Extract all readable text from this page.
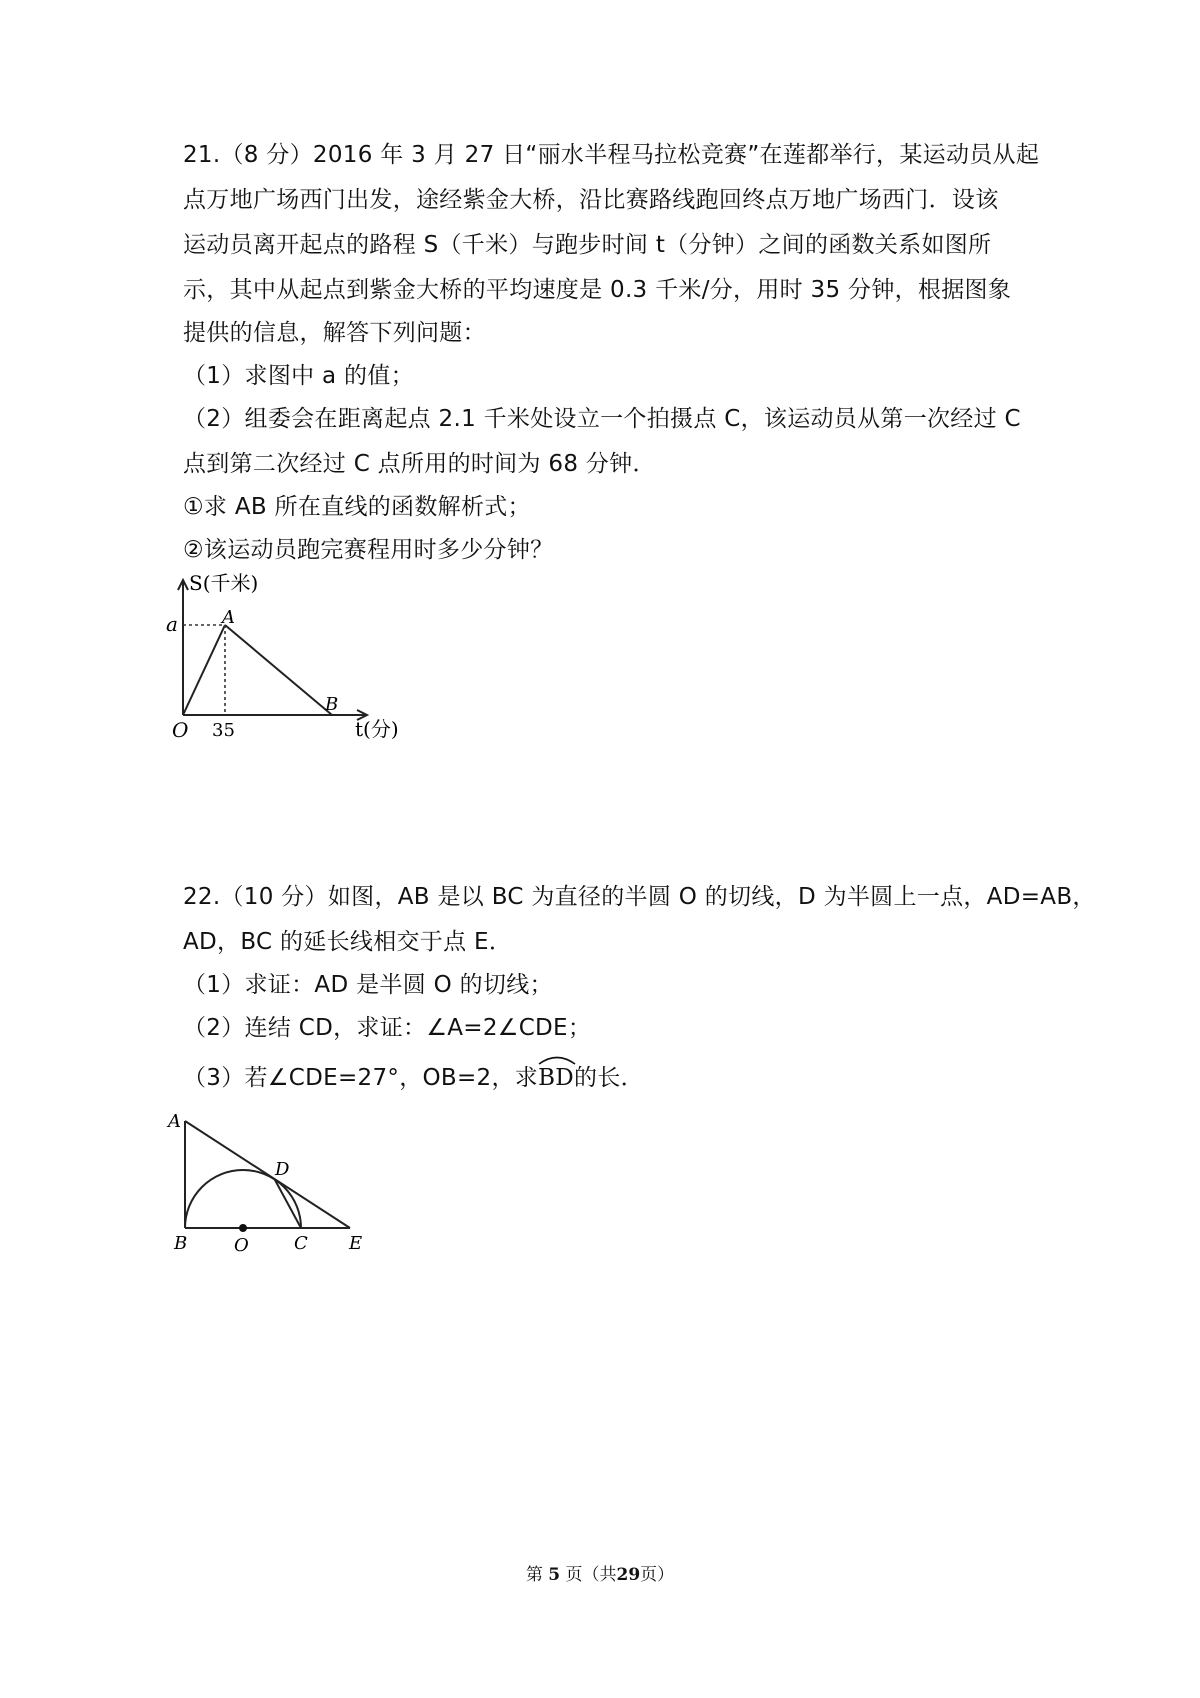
21.（8 分）2016 年 3 月 27 日“丽水半程马拉松竞赛”在莲都举行，某运动员从起
点万地广场西门出发，途经紫金大桥，沿比赛路线跑回终点万地广场西门．设该
运动员离开起点的路程 S（千米）与跑步时间 t（分钟）之间的函数关系如图所
示，其中从起点到紫金大桥的平均速度是 0.3 千米/分，用时 35 分钟，根据图象
提供的信息，解答下列问题：
（1）求图中 a 的值；
（2）组委会在距离起点 2.1 千米处设立一个拍摄点 C，该运动员从第一次经过 C
点到第二次经过 C 点所用的时间为 68 分钟．
①求 AB 所在直线的函数解析式；
②该运动员跑完赛程用时多少分钟？
S(千米)
t(分)
O
A
B
a
35
22.（10 分）如图，AB 是以 BC 为直径的半圆 O 的切线，D 为半圆上一点，AD=AB，
AD，BC 的延长线相交于点 E．
（1）求证：AD 是半圆 O 的切线；
（2）连结 CD，求证：∠A=2∠CDE；
（3）若∠CDE=27°，OB=2，求
BD的长．
A
B	O	C
D
E
第 5 页（共29页）
